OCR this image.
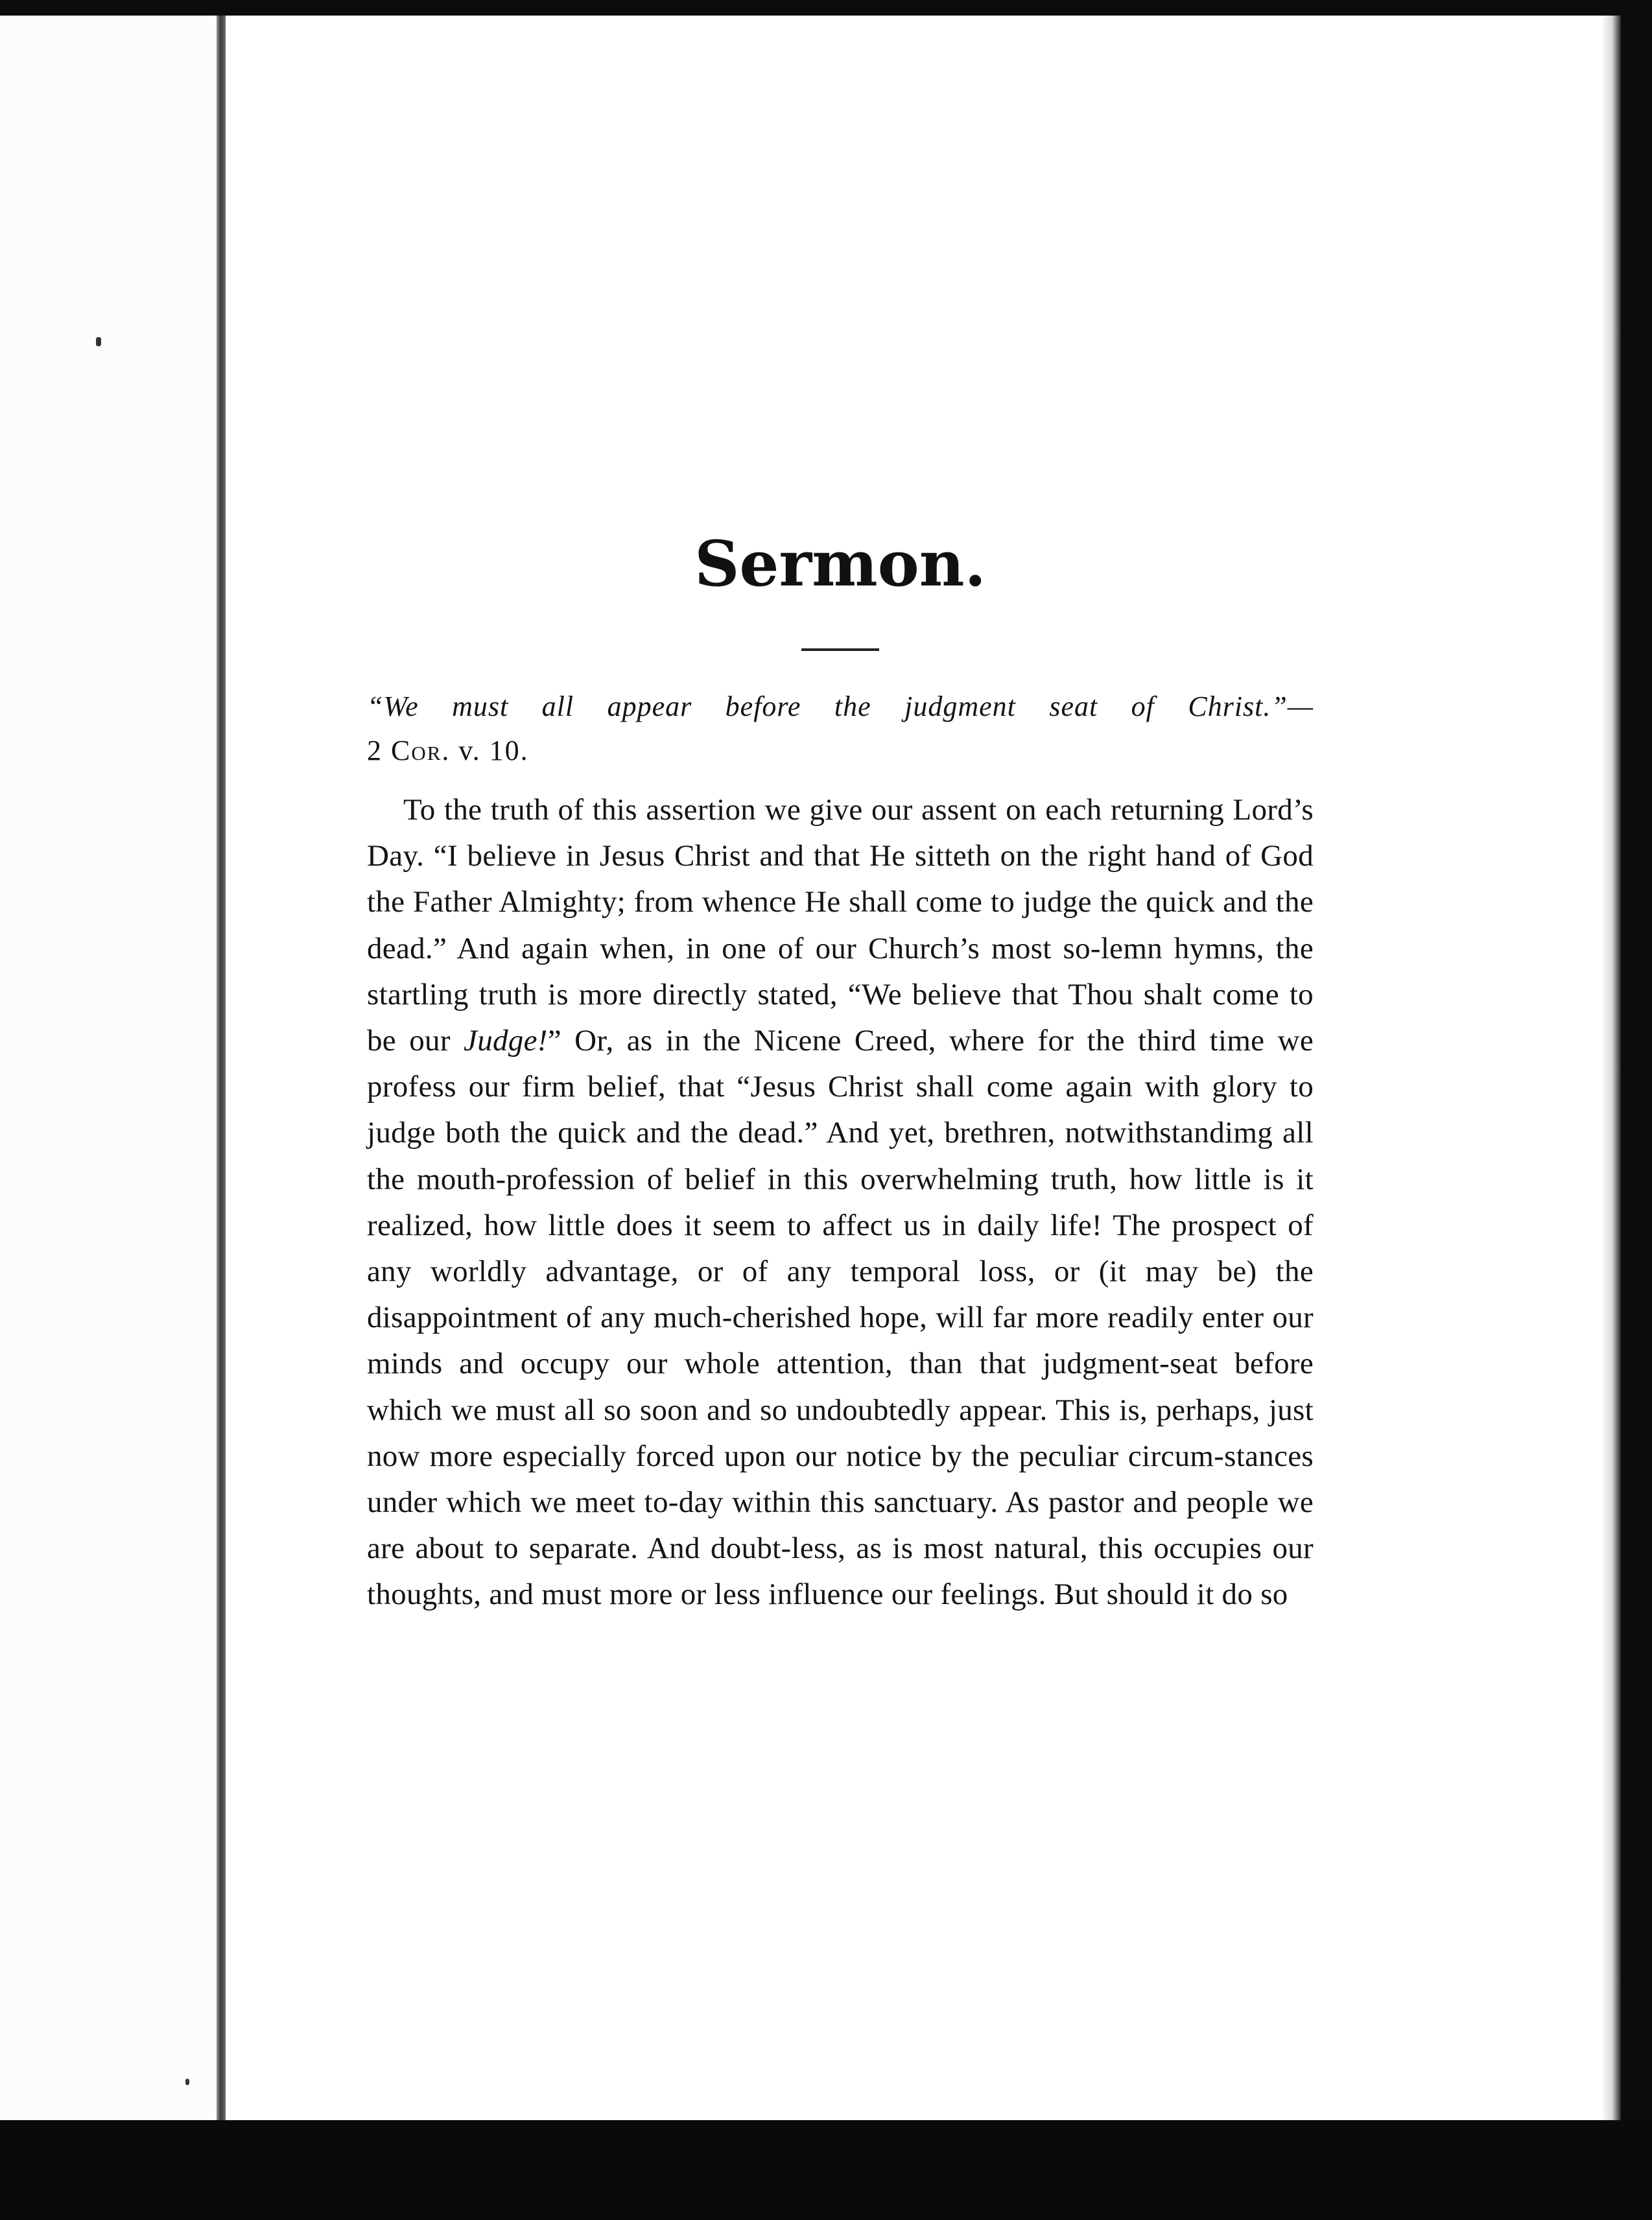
Sermon.

“We must all appear before the judgment seat of Christ.”—
2 Cor. v. 10.

To the truth of this assertion we give our assent on each returning Lord’s Day. “I believe in Jesus Christ and that He sitteth on the right hand of God the Father Almighty; from whence He shall come to judge the quick and the dead.” And again when, in one of our Church’s most so-lemn hymns, the startling truth is more directly stated, “We believe that Thou shalt come to be our Judge!” Or, as in the Nicene Creed, where for the third time we profess our firm belief, that “Jesus Christ shall come again with glory to judge both the quick and the dead.” And yet, brethren, notwithstandimg all the mouth-profession of belief in this overwhelming truth, how little is it realized, how little does it seem to affect us in daily life! The prospect of any worldly advantage, or of any temporal loss, or (it may be) the disappointment of any much-cherished hope, will far more readily enter our minds and occupy our whole attention, than that judgment-seat before which we must all so soon and so undoubtedly appear. This is, perhaps, just now more especially forced upon our notice by the peculiar circum-stances under which we meet to-day within this sanctuary. As pastor and people we are about to separate. And doubt-less, as is most natural, this occupies our thoughts, and must more or less influence our feelings. But should it do so
